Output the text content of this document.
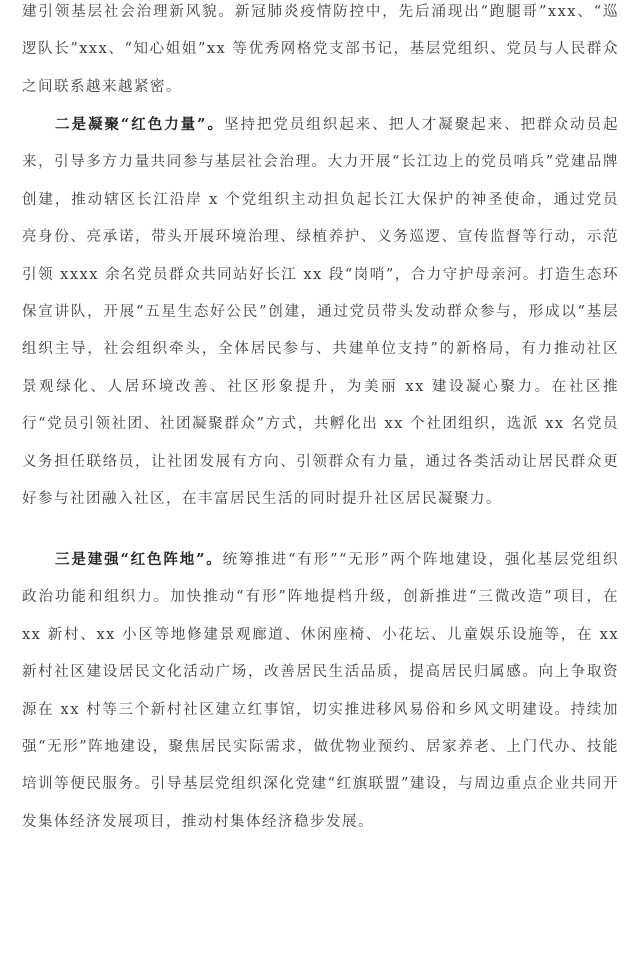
建引领基层社会治理新风貌。新冠肺炎疫情防控中，先后涌现出“跑腿哥”xxx、“巡逻队长”xxx、“知心姐姐”xx 等优秀网格党支部书记，基层党组织、党员与人民群众之间联系越来越紧密。

二是凝聚“红色力量”。坚持把党员组织起来、把人才凝聚起来、把群众动员起来，引导多方力量共同参与基层社会治理。大力开展“长江边上的党员哨兵”党建品牌创建，推动辖区长江沿岸 x 个党组织主动担负起长江大保护的神圣使命，通过党员亮身份、亮承诺，带头开展环境治理、绿植养护、义务巡逻、宣传监督等行动，示范引领 xxxx 余名党员群众共同站好长江 xx 段“岗哨”，合力守护母亲河。打造生态环保宣讲队，开展“五星生态好公民”创建，通过党员带头发动群众参与，形成以“基层组织主导，社会组织牵头，全体居民参与、共建单位支持”的新格局，有力推动社区景观绿化、人居环境改善、社区形象提升，为美丽 xx 建设凝心聚力。在社区推行“党员引领社团、社团凝聚群众”方式，共孵化出 xx 个社团组织，选派 xx 名党员义务担任联络员，让社团发展有方向、引领群众有力量，通过各类活动让居民群众更好参与社团融入社区，在丰富居民生活的同时提升社区居民凝聚力。

三是建强“红色阵地”。统筹推进“有形”“无形”两个阵地建设，强化基层党组织政治功能和组织力。加快推动“有形”阵地提档升级，创新推进“三微改造”项目，在 xx 新村、xx 小区等地修建景观廊道、休闲座椅、小花坛、儿童娱乐设施等，在 xx 新村社区建设居民文化活动广场，改善居民生活品质，提高居民归属感。向上争取资源在 xx 村等三个新村社区建立红事馆，切实推进移风易俗和乡风文明建设。持续加强“无形”阵地建设，聚焦居民实际需求，做优物业预约、居家养老、上门代办、技能培训等便民服务。引导基层党组织深化党建“红旗联盟”建设，与周边重点企业共同开发集体经济发展项目，推动村集体经济稳步发展。
